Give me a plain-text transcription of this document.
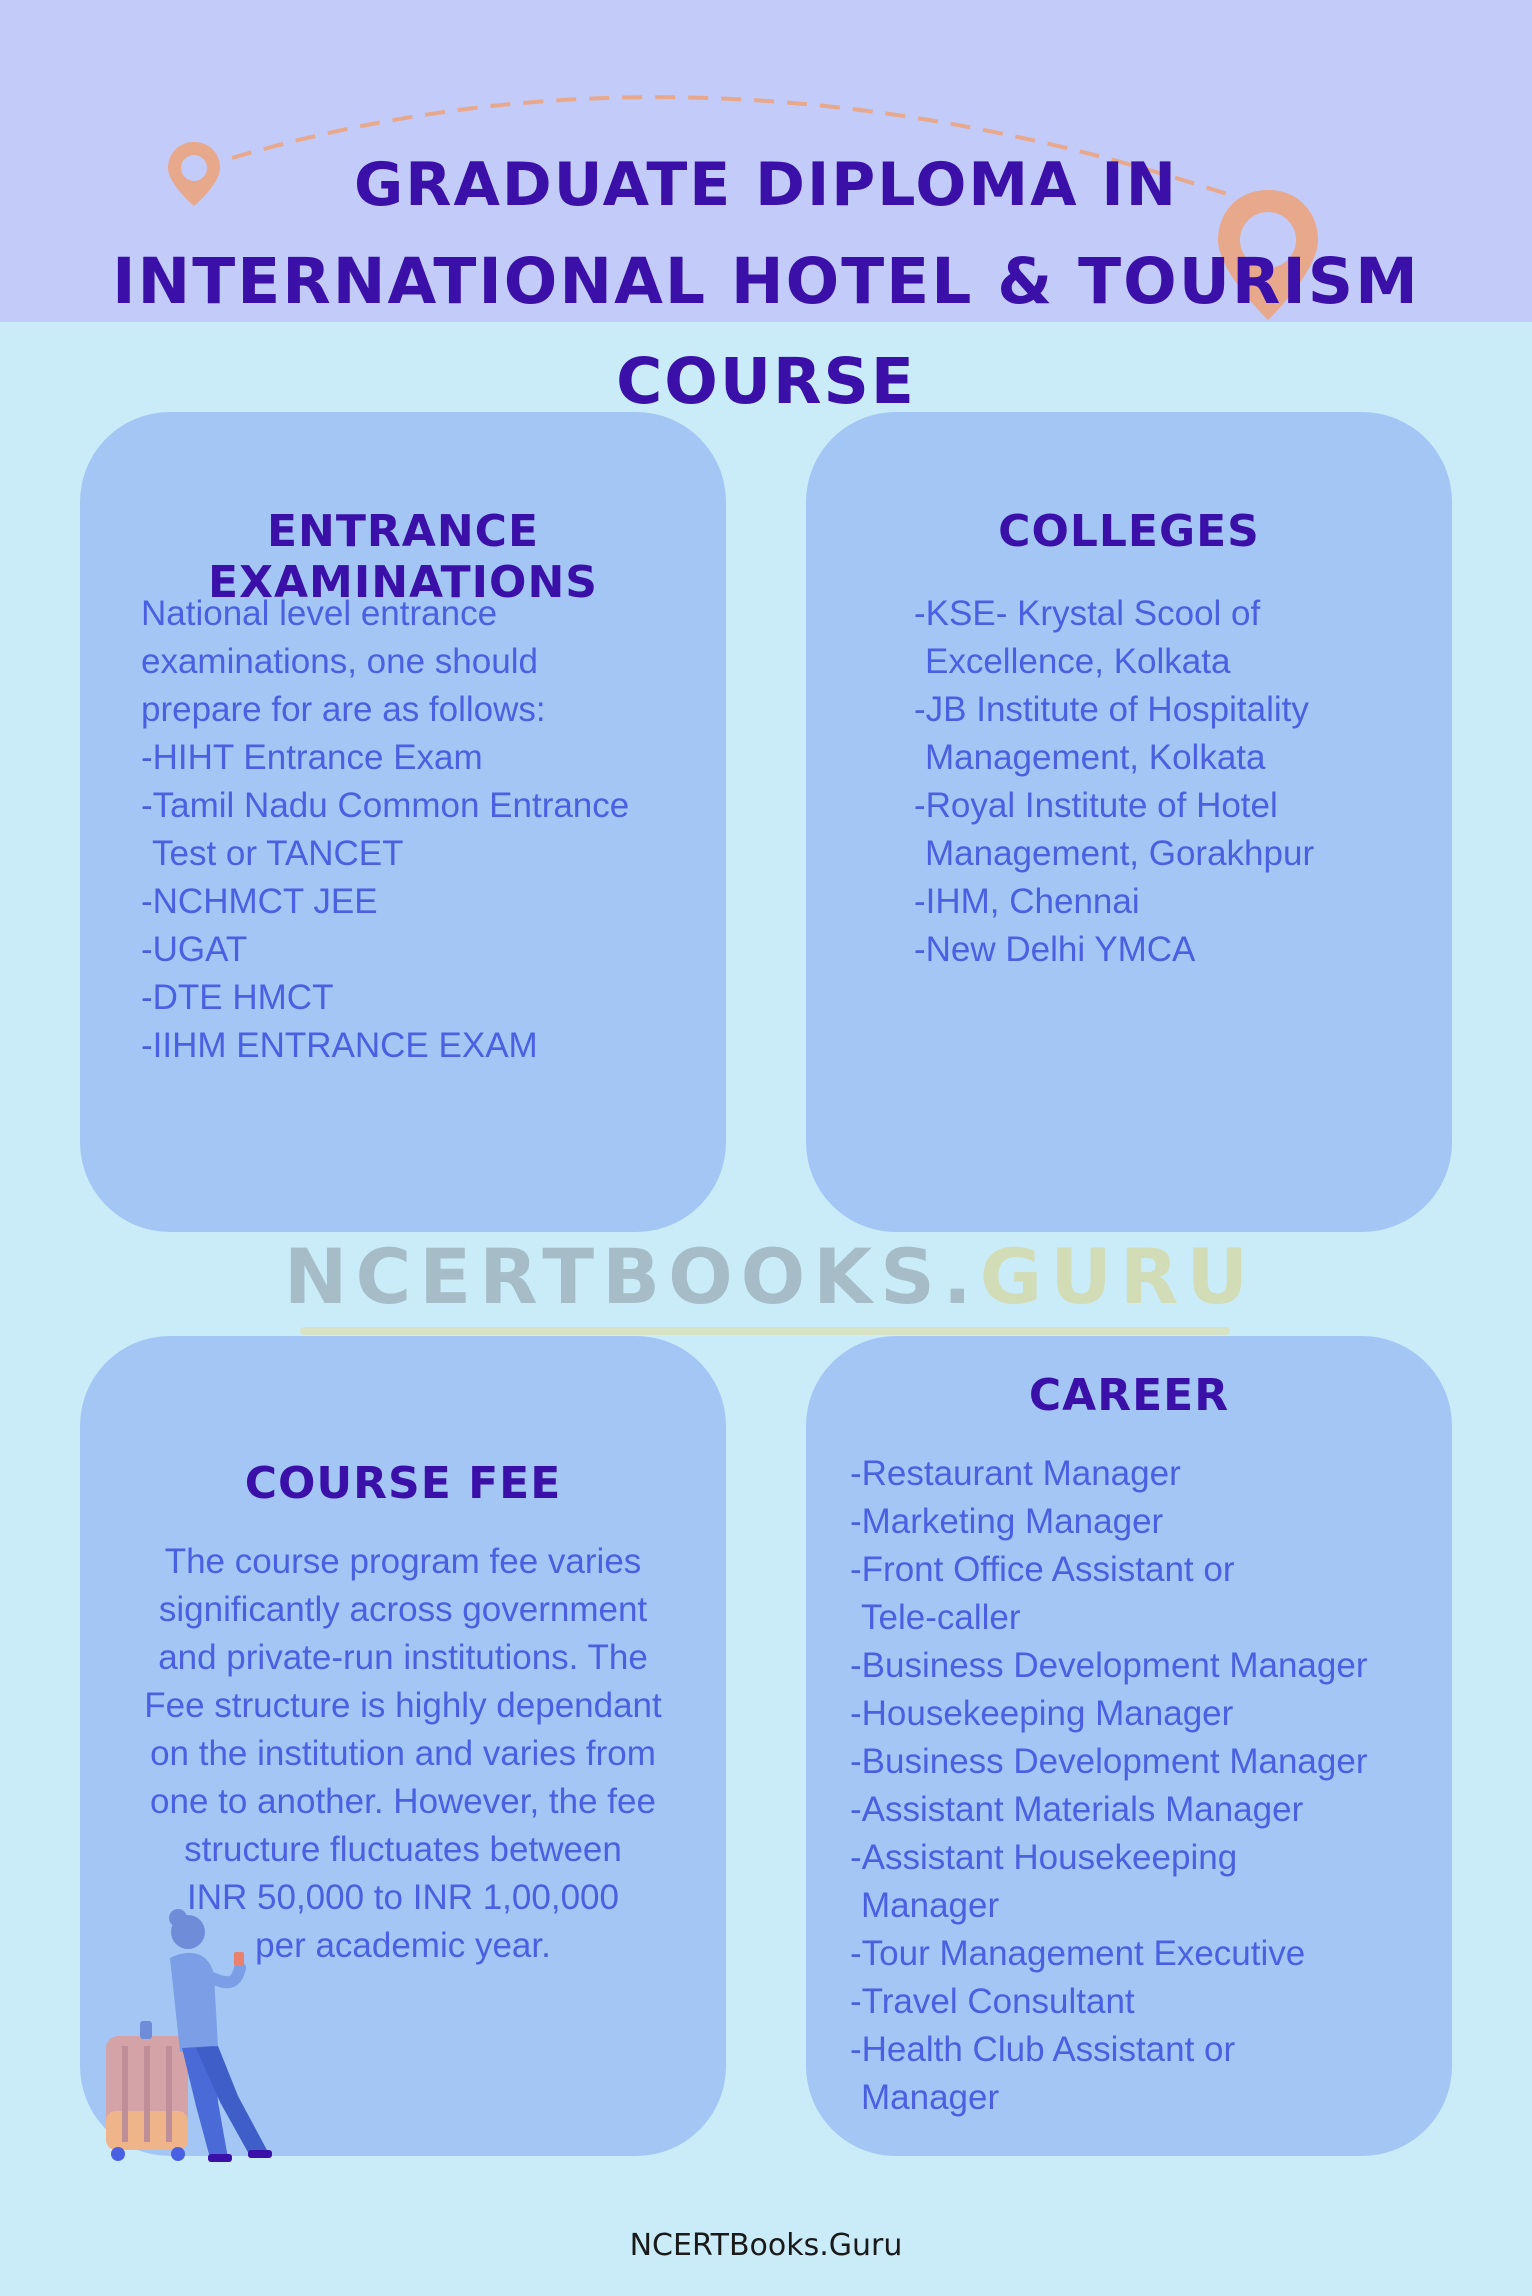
GRADUATE DIPLOMA IN
INTERNATIONAL HOTEL & TOURISM COURSE
ENTRANCE EXAMINATIONS
National level entrance
examinations, one should
prepare for are as follows:
-HIHT Entrance Exam
-Tamil Nadu Common Entrance
Test or TANCET
-NCHMCT JEE
-UGAT
-DTE HMCT
-IIHM ENTRANCE EXAM
COLLEGES
-KSE- Krystal Scool of
Excellence, Kolkata
-JB Institute of Hospitality
Management, Kolkata
-Royal Institute of Hotel
Management, Gorakhpur
-IHM, Chennai
-New Delhi YMCA
NCERTBOOKS.GURU
COURSE FEE
The course program fee varies
significantly across government
and private-run institutions. The
Fee structure is highly dependant
on the institution and varies from
one to another. However, the fee
structure fluctuates between
INR 50,000 to INR 1,00,000
per academic year.
CAREER
-Restaurant Manager
-Marketing Manager
-Front Office Assistant or
Tele-caller
-Business Development Manager
-Housekeeping Manager
-Business Development Manager
-Assistant Materials Manager
-Assistant Housekeeping
Manager
-Tour Management Executive
-Travel Consultant
-Health Club Assistant or
Manager
NCERTBooks.Guru
